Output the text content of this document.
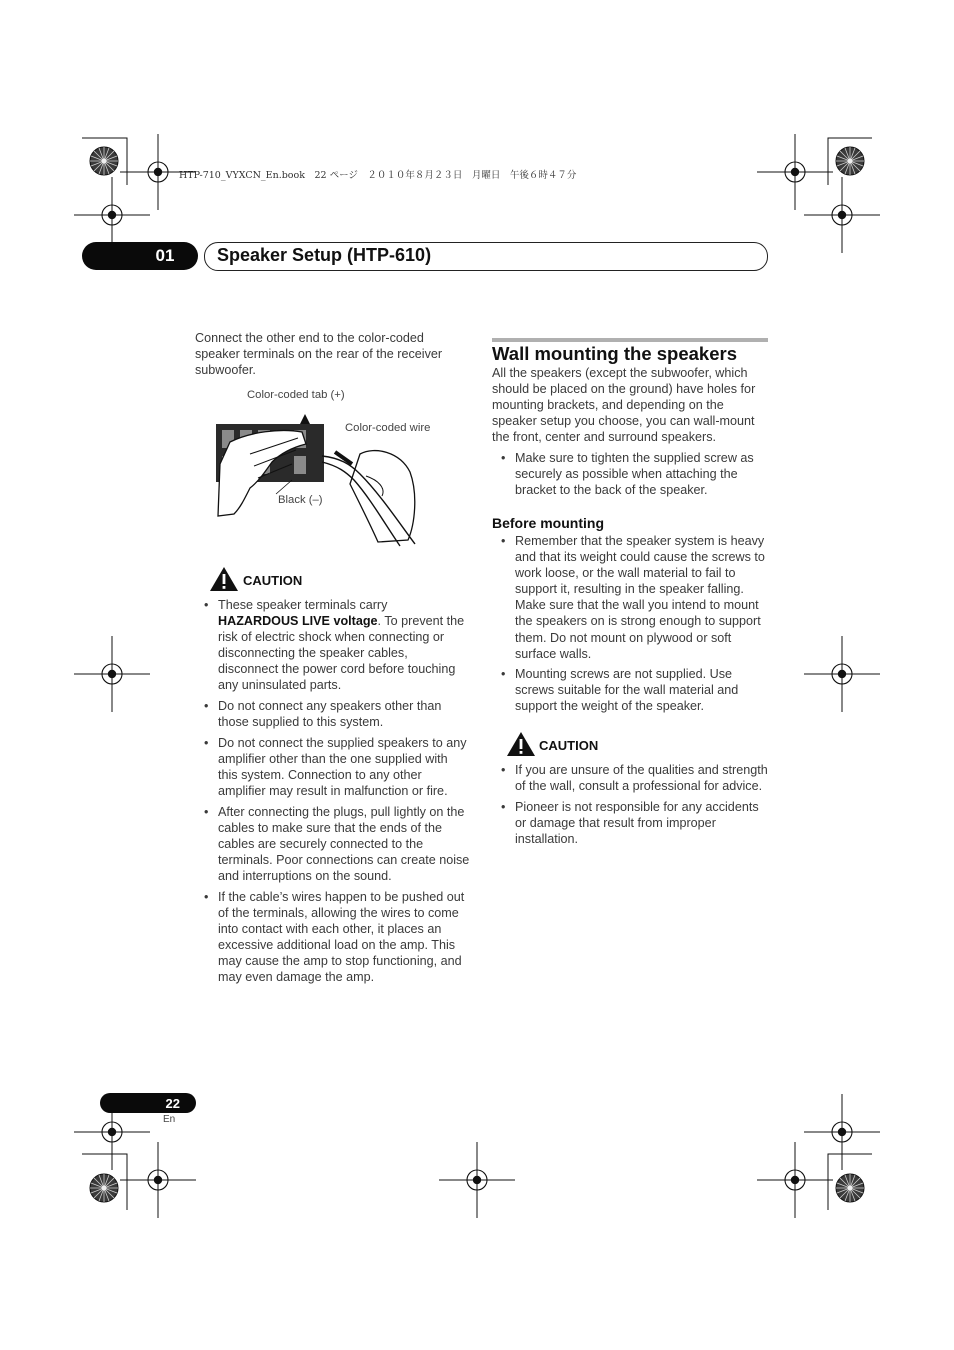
HTP-710_VYXCN_En.book　22 ページ　２０１０年８月２３日　月曜日　午後６時４７分
01 Speaker Setup (HTP-610)
Connect the other end to the color-coded speaker terminals on the rear of the receiver subwoofer.
Color-coded tab (+)
Color-coded wire
Black (–)
CAUTION
• These speaker terminals carry HAZARDOUS LIVE voltage. To prevent the risk of electric shock when connecting or disconnecting the speaker cables, disconnect the power cord before touching any uninsulated parts.
• Do not connect any speakers other than those supplied to this system.
• Do not connect the supplied speakers to any amplifier other than the one supplied with this system. Connection to any other amplifier may result in malfunction or fire.
• After connecting the plugs, pull lightly on the cables to make sure that the ends of the cables are securely connected to the terminals. Poor connections can create noise and interruptions on the sound.
• If the cable’s wires happen to be pushed out of the terminals, allowing the wires to come into contact with each other, it places an excessive additional load on the amp. This may cause the amp to stop functioning, and may even damage the amp.
Wall mounting the speakers
All the speakers (except the subwoofer, which should be placed on the ground) have holes for mounting brackets, and depending on the speaker setup you choose, you can wall-mount the front, center and surround speakers.
• Make sure to tighten the supplied screw as securely as possible when attaching the bracket to the back of the speaker.
Before mounting
• Remember that the speaker system is heavy and that its weight could cause the screws to work loose, or the wall material to fail to support it, resulting in the speaker falling. Make sure that the wall you intend to mount the speakers on is strong enough to support them. Do not mount on plywood or soft surface walls.
• Mounting screws are not supplied. Use screws suitable for the wall material and support the weight of the speaker.
CAUTION
• If you are unsure of the qualities and strength of the wall, consult a professional for advice.
• Pioneer is not responsible for any accidents or damage that result from improper installation.
22
En
